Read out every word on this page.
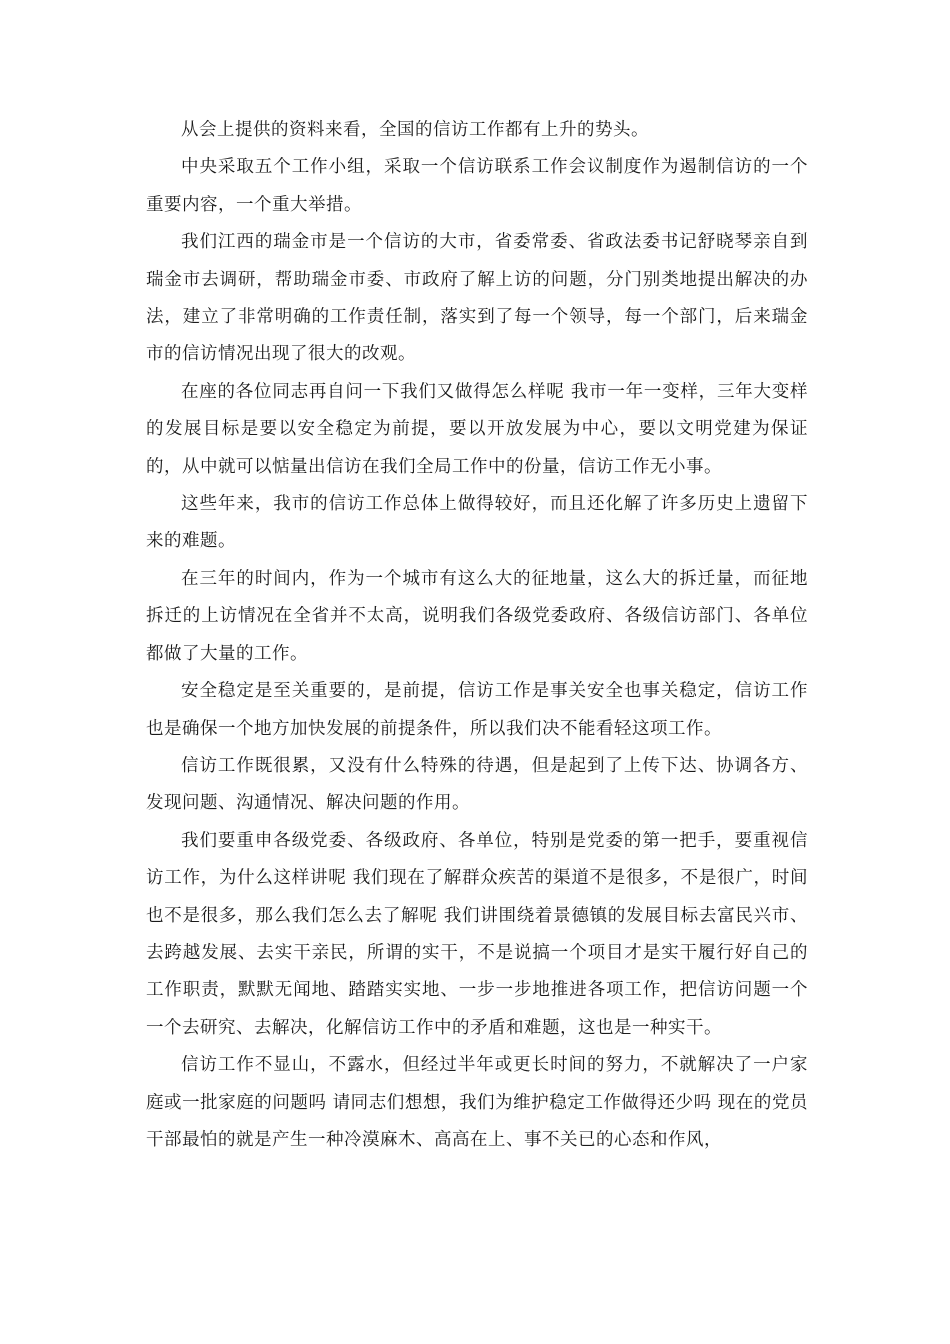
从会上提供的资料来看，全国的信访工作都有上升的势头。

中央采取五个工作小组，采取一个信访联系工作会议制度作为遏制信访的一个重要内容，一个重大举措。

我们江西的瑞金市是一个信访的大市，省委常委、省政法委书记舒晓琴亲自到瑞金市去调研，帮助瑞金市委、市政府了解上访的问题，分门别类地提出解决的办法，建立了非常明确的工作责任制，落实到了每一个领导，每一个部门，后来瑞金市的信访情况出现了很大的改观。

在座的各位同志再自问一下我们又做得怎么样呢 我市一年一变样，三年大变样的发展目标是要以安全稳定为前提，要以开放发展为中心，要以文明党建为保证的，从中就可以惦量出信访在我们全局工作中的份量，信访工作无小事。

这些年来，我市的信访工作总体上做得较好，而且还化解了许多历史上遗留下来的难题。

在三年的时间内，作为一个城市有这么大的征地量，这么大的拆迁量，而征地拆迁的上访情况在全省并不太高，说明我们各级党委政府、各级信访部门、各单位都做了大量的工作。

安全稳定是至关重要的，是前提，信访工作是事关安全也事关稳定，信访工作也是确保一个地方加快发展的前提条件，所以我们决不能看轻这项工作。

信访工作既很累，又没有什么特殊的待遇，但是起到了上传下达、协调各方、发现问题、沟通情况、解决问题的作用。

我们要重申各级党委、各级政府、各单位，特别是党委的第一把手，要重视信访工作，为什么这样讲呢 我们现在了解群众疾苦的渠道不是很多，不是很广，时间也不是很多，那么我们怎么去了解呢 我们讲围绕着景德镇的发展目标去富民兴市、去跨越发展、去实干亲民，所谓的实干，不是说搞一个项目才是实干履行好自己的工作职责，默默无闻地、踏踏实实地、一步一步地推进各项工作，把信访问题一个一个去研究、去解决，化解信访工作中的矛盾和难题，这也是一种实干。

信访工作不显山，不露水，但经过半年或更长时间的努力，不就解决了一户家庭或一批家庭的问题吗 请同志们想想，我们为维护稳定工作做得还少吗 现在的党员干部最怕的就是产生一种冷漠麻木、高高在上、事不关已的心态和作风，
